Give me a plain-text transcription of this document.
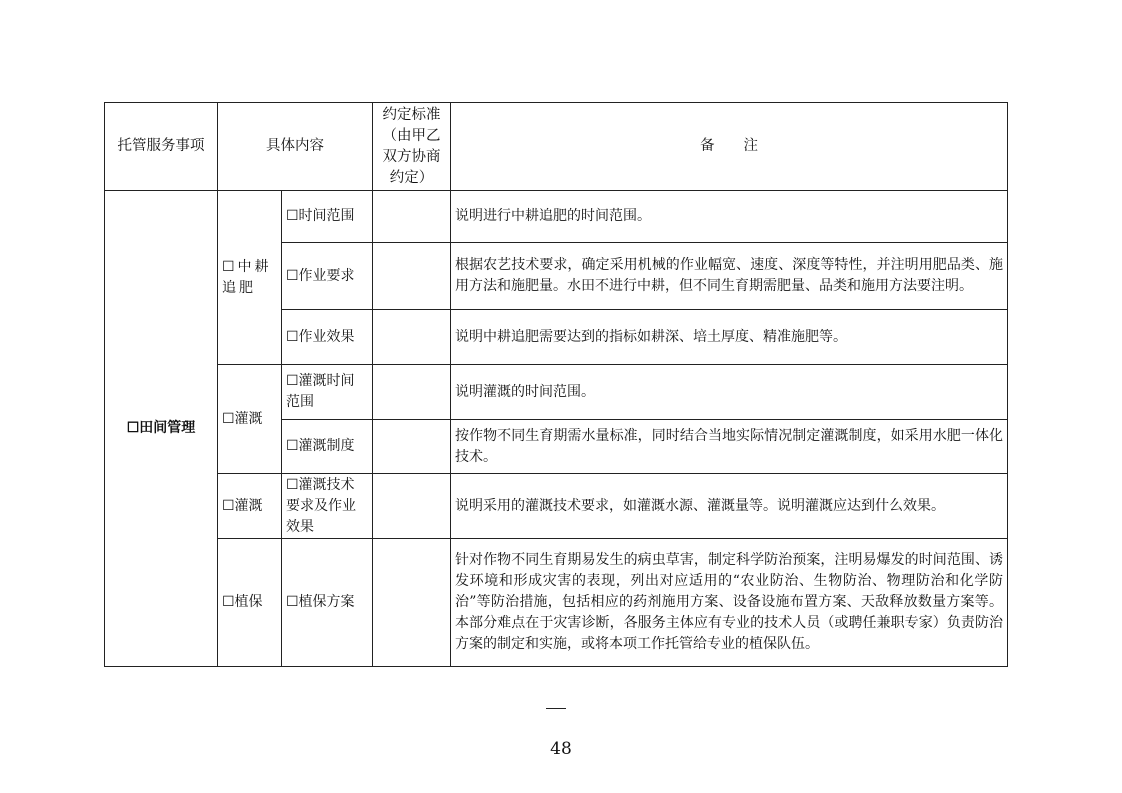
托管服务事项	具体内容		约定标准（由甲乙双方协商约定）	备　　注
☐田间管理	☐中耕追肥	☐时间范围		说明进行中耕追肥的时间范围。
		☐作业要求		根据农艺技术要求，确定采用机械的作业幅宽、速度、深度等特性，并注明用肥品类、施用方法和施肥量。水田不进行中耕，但不同生育期需肥量、品类和施用方法要注明。
		☐作业效果		说明中耕追肥需要达到的指标如耕深、培土厚度、精准施肥等。
	☐灌溉	☐灌溉时间范围		说明灌溉的时间范围。
		☐灌溉制度		按作物不同生育期需水量标准，同时结合当地实际情况制定灌溉制度，如采用水肥一体化技术。
	☐灌溉	☐灌溉技术要求及作业效果		说明采用的灌溉技术要求，如灌溉水源、灌溉量等。说明灌溉应达到什么效果。
	☐植保	☐植保方案		针对作物不同生育期易发生的病虫草害，制定科学防治预案，注明易爆发的时间范围、诱发环境和形成灾害的表现，列出对应适用的“农业防治、生物防治、物理防治和化学防治”等防治措施，包括相应的药剂施用方案、设备设施布置方案、天敌释放数量方案等。本部分难点在于灾害诊断，各服务主体应有专业的技术人员（或聘任兼职专家）负责防治方案的制定和实施，或将本项工作托管给专业的植保队伍。
48
